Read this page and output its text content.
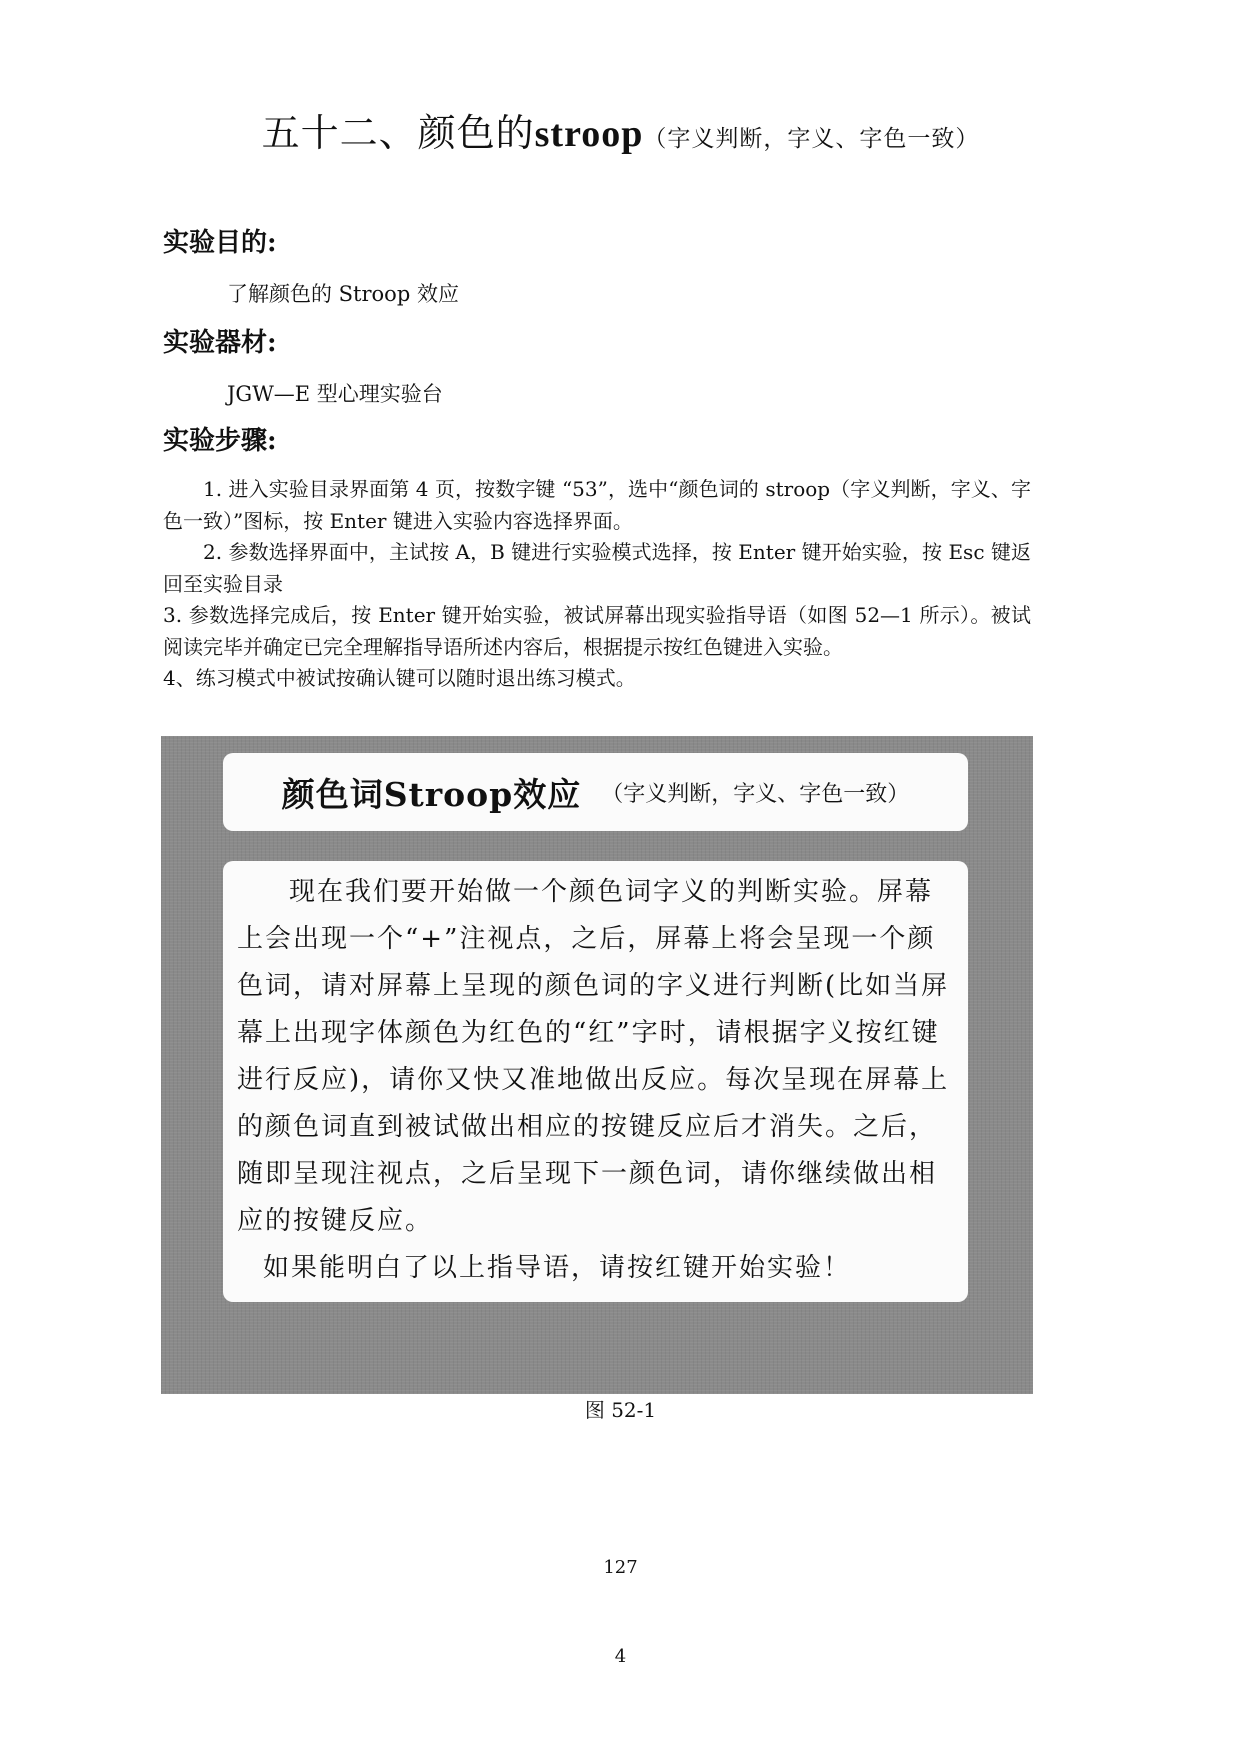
五十二、颜色的stroop（字义判断，字义、字色一致）
实验目的:
了解颜色的 Stroop 效应
实验器材:
JGW—E 型心理实验台
实验步骤:

1. 进入实验目录界面第 4 页，按数字键 “53”，选中“颜色词的 stroop（字义判断，字义、字色一致）”图标，按 Enter 键进入实验内容选择界面。

2. 参数选择界面中，主试按 A，B 键进行实验模式选择，按 Enter 键开始实验，按 Esc 键返回至实验目录

3. 参数选择完成后，按 Enter 键开始实验，被试屏幕出现实验指导语（如图 52—1 所示）。被试阅读完毕并确定已完全理解指导语所述内容后，根据提示按红色键进入实验。

4、练习模式中被试按确认键可以随时退出练习模式。

颜色词Stroop效应 （字义判断，字义、字色一致）

现在我们要开始做一个颜色词字义的判断实验。屏幕上会出现一个“+”注视点，之后，屏幕上将会呈现一个颜色词，请对屏幕上呈现的颜色词的字义进行判断(比如当屏幕上出现字体颜色为红色的“红”字时，请根据字义按红键进行反应)，请你又快又准地做出反应。每次呈现在屏幕上的颜色词直到被试做出相应的按键反应后才消失。之后，随即呈现注视点，之后呈现下一颜色词，请你继续做出相应的按键反应。

如果能明白了以上指导语，请按红键开始实验！

图 52-1
127
4
